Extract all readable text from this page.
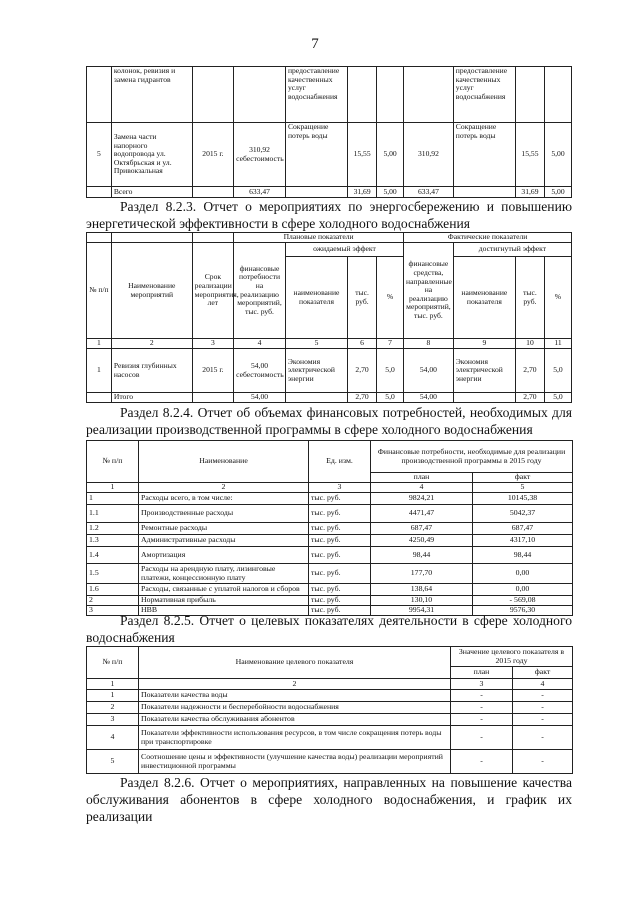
7
	колонок, ревизия и замена гидрантов			предоставление качественных услуг водоснабжения				предоставление качественных услуг водоснабжения		
5	Замена части напорного водопровода ул. Октябрьская и ул. Привокзальная	2015 г.	310,92 себестоимость	Сокращение потерь воды	15,55	5,00	310,92	Сокращение потерь воды	15,55	5,00
	Всего		633,47		31,69	5,00	633,47		31,69	5,00
Раздел 8.2.3. Отчет о мероприятиях по энергосбережению и повышению энергетической эффективности в сфере холодного водоснабжения
			Плановые показатели				Фактические показатели			
№ п/п	Наименование мероприятий	Срок реализации мероприятия, лет	финансовые потребности на реализацию мероприятий, тыс. руб.	ожидаемый эффект			финансовые средства, направленные на реализацию мероприятий, тыс. руб.	достигнутый эффект		
				наименование показателя	тыс. руб.	%		наименование показателя	тыс. руб.	%
1	2	3	4	5	6	7	8	9	10	11
1	Ревизия глубинных насосов	2015 г.	54,00 себестоимость	Экономия электрической энергии	2,70	5,0	54,00	Экономия электрической энергии	2,70	5,0
	Итого		54,00		2,70	5,0	54,00		2,70	5,0
Раздел 8.2.4. Отчет об объемах финансовых потребностей, необходимых для реализации производственной программы в сфере холодного водоснабжения
№ п/п	Наименование	Ед. изм.	Финансовые потребности, необходимые для реализации производственной программы в 2015 году	
			план	факт
1	2	3	4	5
1	Расходы всего, в том числе:	тыс. руб.	9824,21	10145,38
1.1	Производственные расходы	тыс. руб.	4471,47	5042,37
1.2	Ремонтные расходы	тыс. руб.	687,47	687,47
1.3	Административные расходы	тыс. руб.	4250,49	4317,10
1.4	Амортизация	тыс. руб.	98,44	98,44
1.5	Расходы на арендную плату, лизинговые платежи, концессионную плату	тыс. руб.	177,70	0,00
1.6	Расходы, связанные с уплатой налогов и сборов	тыс. руб.	138,64	0,00
2	Нормативная прибыль	тыс. руб.	130,10	- 569,08
3	НВВ	тыс. руб.	9954,31	9576,30
Раздел 8.2.5. Отчет о целевых показателях деятельности в сфере холодного водоснабжения
№ п/п	Наименование целевого показателя	Значение целевого показателя в 2015 году	
		план	факт
1	2	3	4
1	Показатели качества воды	-	-
2	Показатели надежности и бесперебойности водоснабжения	-	-
3	Показатели качества обслуживания абонентов	-	-
4	Показатели эффективности использования ресурсов, в том числе сокращения потерь воды при транспортировке	-	-
5	Соотношение цены и эффективности (улучшение качества воды) реализации мероприятий инвестиционной программы	-	-
Раздел 8.2.6. Отчет о мероприятиях, направленных на повышение качества обслуживания абонентов в сфере холодного водоснабжения, и график их реализации
